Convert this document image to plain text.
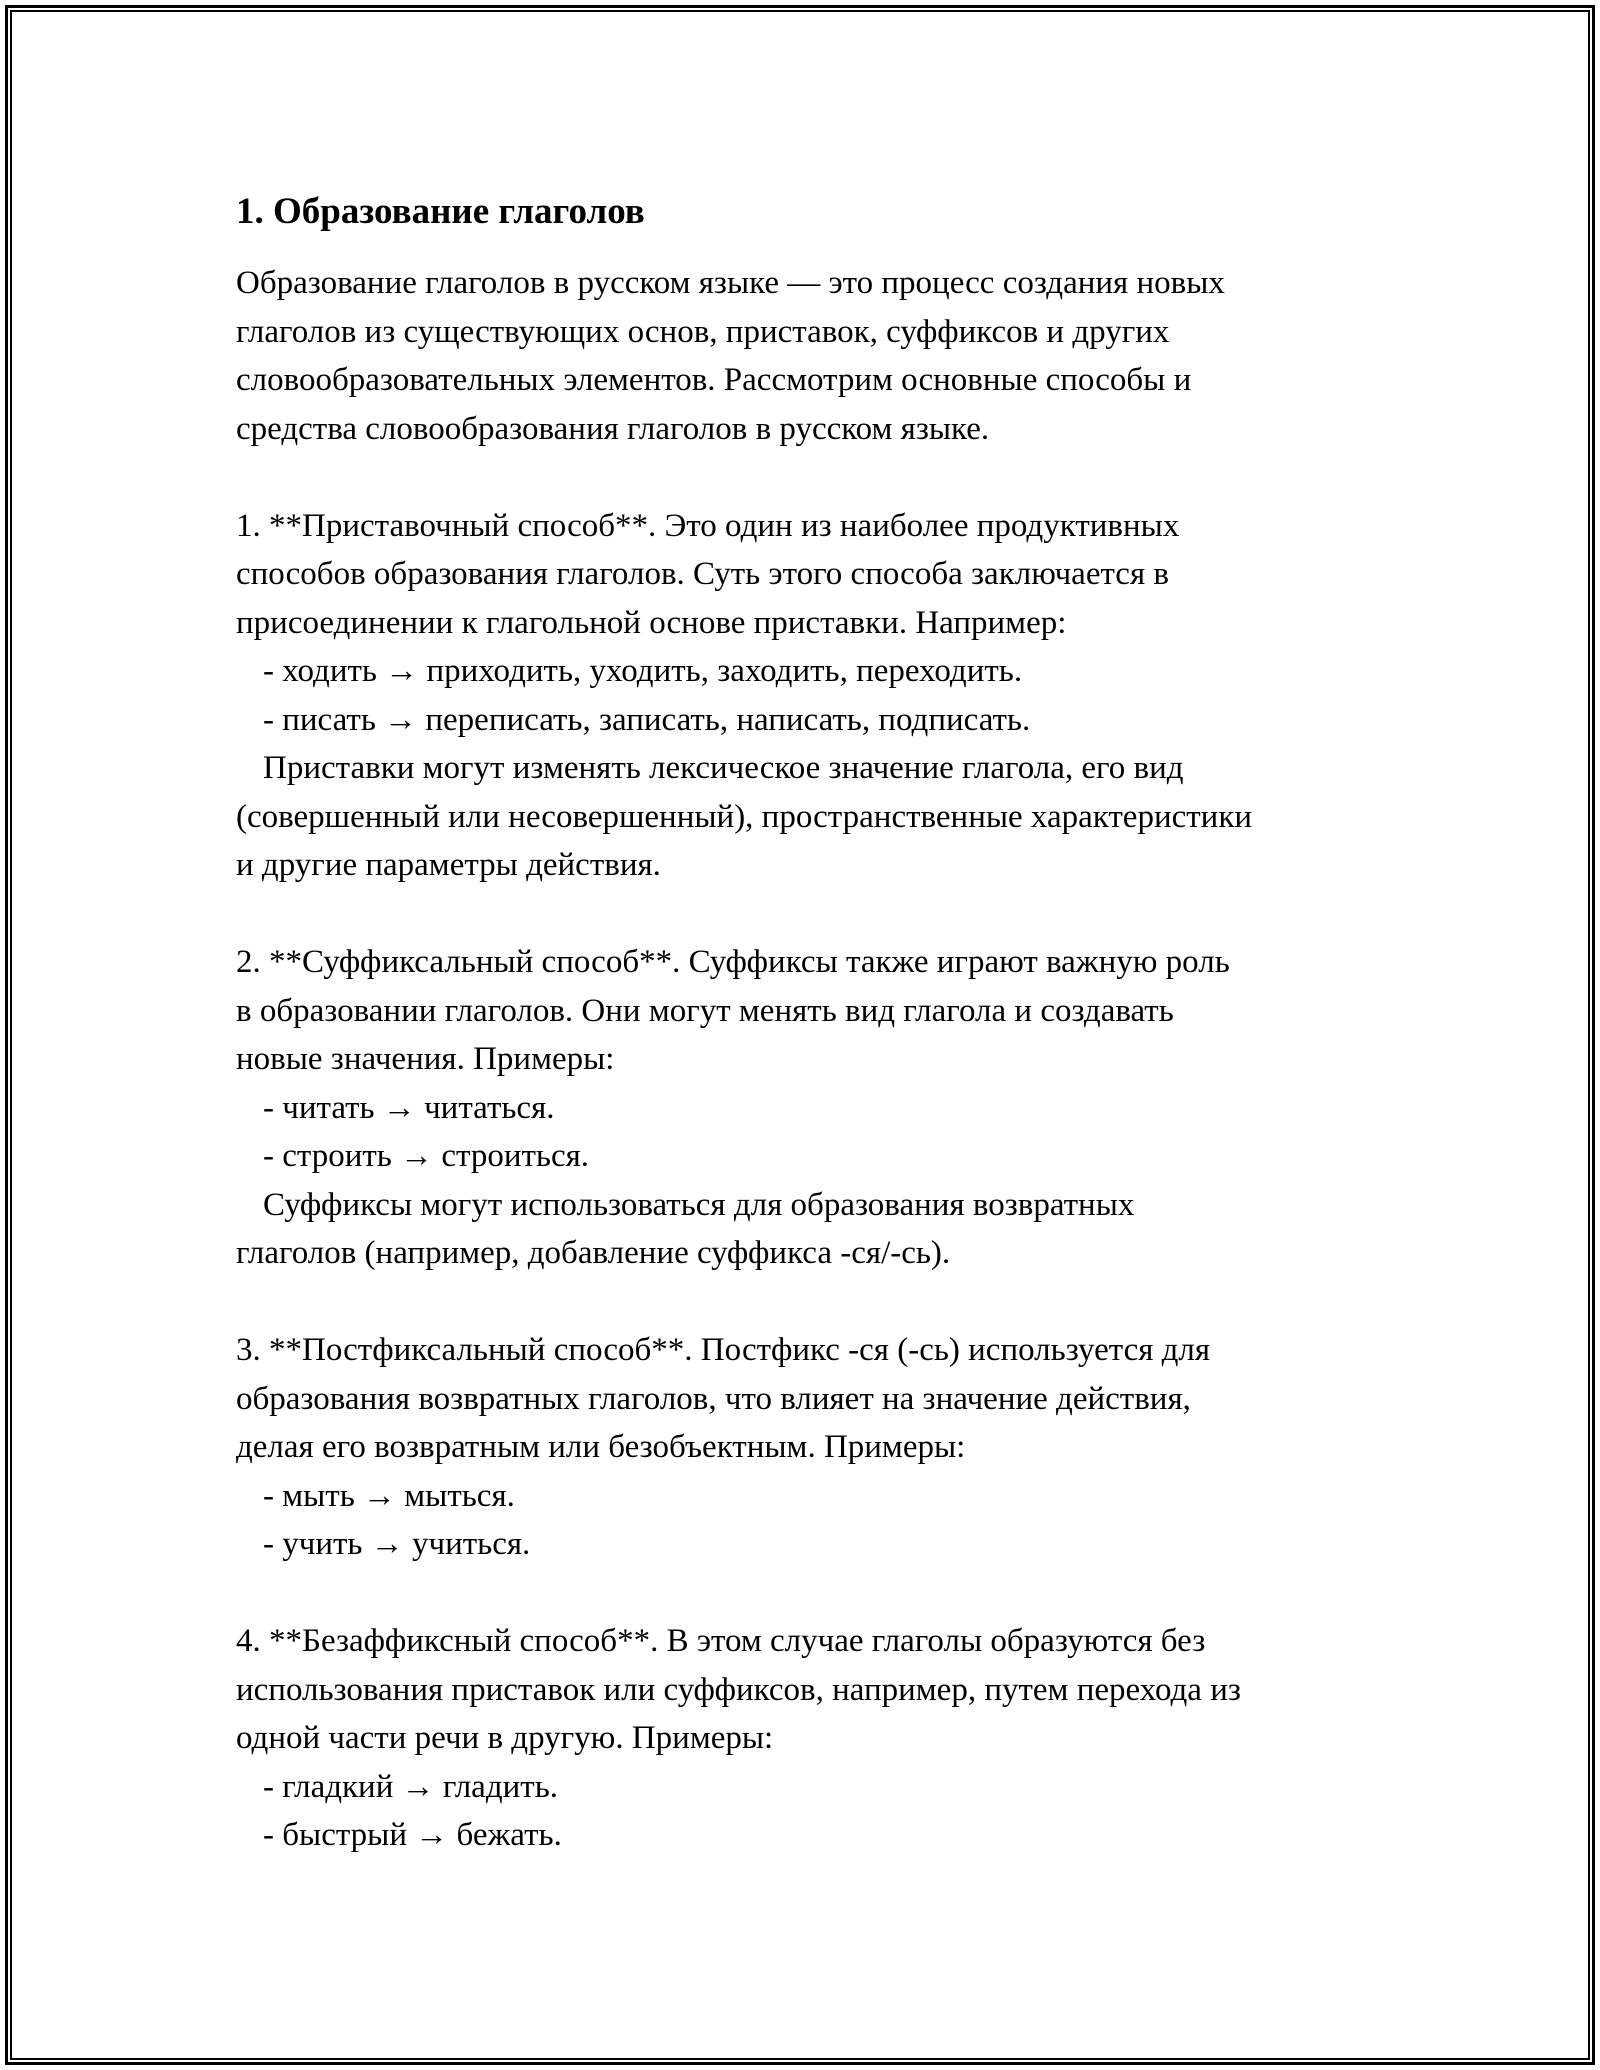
1. Образование глаголов
Образование глаголов в русском языке — это процесс создания новых
глаголов из существующих основ, приставок, суффиксов и других
словообразовательных элементов. Рассмотрим основные способы и
средства словообразования глаголов в русском языке.
1. **Приставочный способ**. Это один из наиболее продуктивных
способов образования глаголов. Суть этого способа заключается в
присоединении к глагольной основе приставки. Например:
- ходить → приходить, уходить, заходить, переходить.
- писать → переписать, записать, написать, подписать.
Приставки могут изменять лексическое значение глагола, его вид
(совершенный или несовершенный), пространственные характеристики
и другие параметры действия.
2. **Суффиксальный способ**. Суффиксы также играют важную роль
в образовании глаголов. Они могут менять вид глагола и создавать
новые значения. Примеры:
- читать → читаться.
- строить → строиться.
Суффиксы могут использоваться для образования возвратных
глаголов (например, добавление суффикса -ся/-сь).
3. **Постфиксальный способ**. Постфикс -ся (-сь) используется для
образования возвратных глаголов, что влияет на значение действия,
делая его возвратным или безобъектным. Примеры:
- мыть → мыться.
- учить → учиться.
4. **Безаффиксный способ**. В этом случае глаголы образуются без
использования приставок или суффиксов, например, путем перехода из
одной части речи в другую. Примеры:
- гладкий → гладить.
- быстрый → бежать.
